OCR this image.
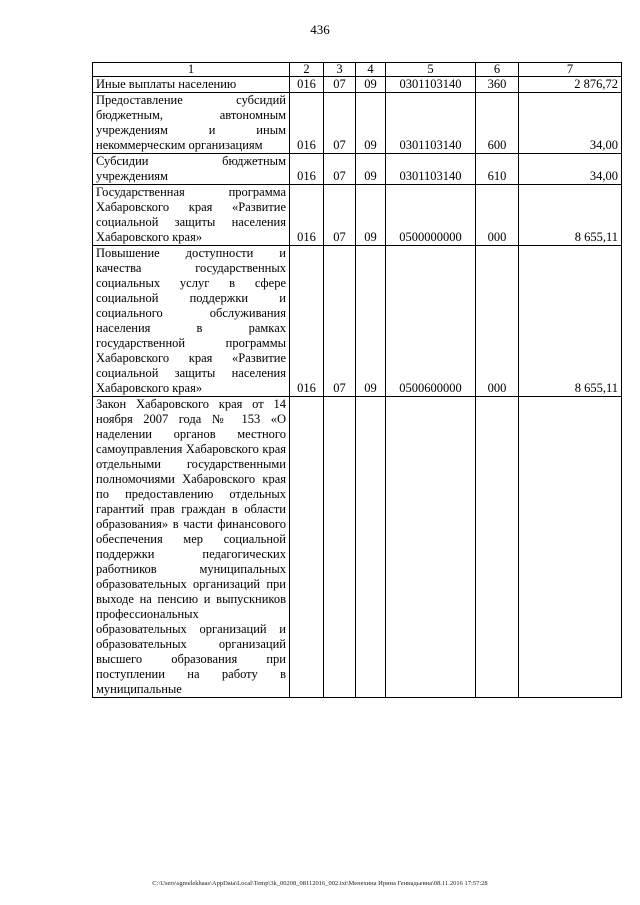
436
1	2	3	4	5	6	7
Иные выплаты населению	016	07	09	0301103140	360	2 876,72
Предоставление субсидий бюджетным, автономным учреждениям и иным некоммерческим организациям	016	07	09	0301103140	600	34,00
Субсидии бюджетным учреждениям	016	07	09	0301103140	610	34,00
Государственная программа Хабаровского края «Развитие социальной защиты населения Хабаровского края»	016	07	09	0500000000	000	8 655,11
Повышение доступности и качества государственных социальных услуг в сфере социальной поддержки и социального обслуживания населения в рамках государственной программы Хабаровского края «Развитие социальной защиты населения Хабаровского края»	016	07	09	0500600000	000	8 655,11
Закон Хабаровского края от 14 ноября 2007 года № 153 «О наделении органов местного самоуправления Хабаровского края отдельными государственными полномочиями Хабаровского края по предоставлению отдельных гарантий прав граждан в области образования» в части финансового обеспечения мер социальной поддержки педагогических работников муниципальных образовательных организаций при выходе на пенсию и выпускников профессиональных образовательных организаций и образовательных организаций высшего образования при поступлении на работу в муниципальные						
C:\Users\sgmelekhaas\AppData\Local\Temp\3k_00208_08112016_002.txt\Менехина Ирина Геннадьевна\08.11.2016 17:57:28
